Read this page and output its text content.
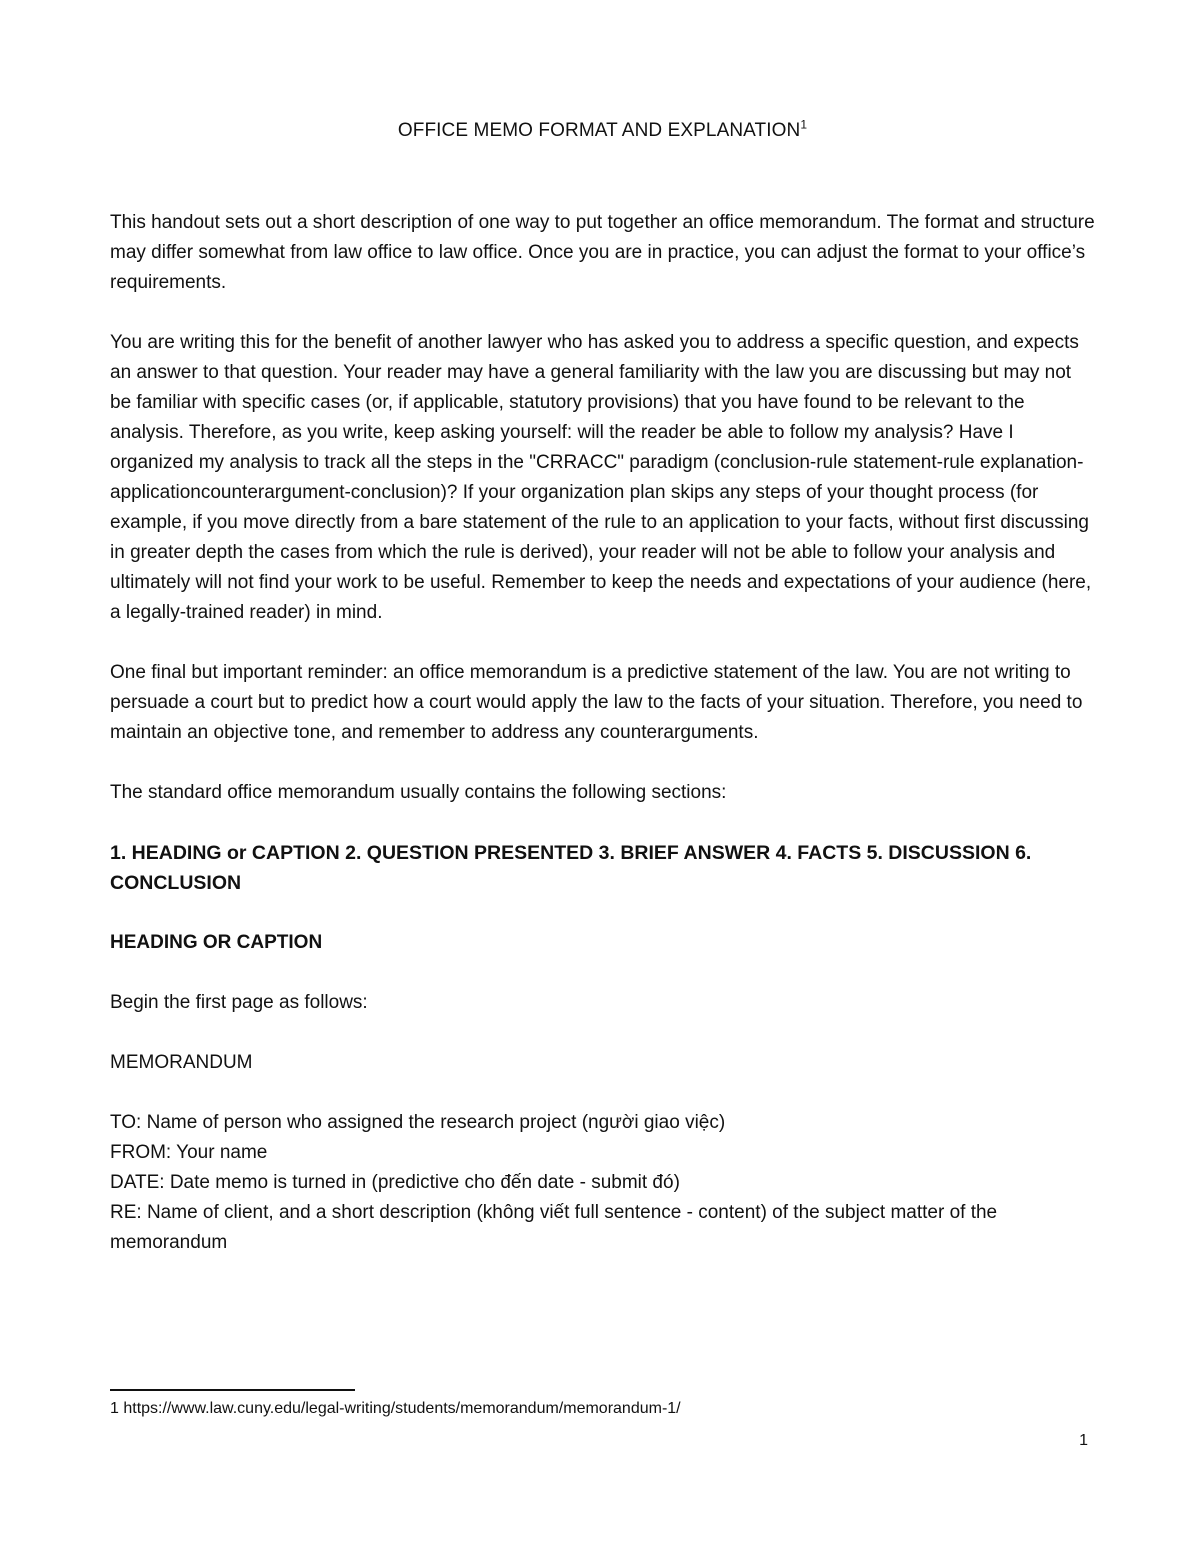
OFFICE MEMO FORMAT AND EXPLANATION$^1$

This handout sets out a short description of one way to put together an office memorandum. The format and structure may differ somewhat from law office to law office. Once you are in practice, you can adjust the format to your office’s requirements.

You are writing this for the benefit of another lawyer who has asked you to address a specific question, and expects an answer to that question. Your reader may have a general familiarity with the law you are discussing but may not be familiar with specific cases (or, if applicable, statutory provisions) that you have found to be relevant to the analysis. Therefore, as you write, keep asking yourself: will the reader be able to follow my analysis? Have I organized my analysis to track all the steps in the "CRRACC" paradigm (conclusion-rule statement-rule explanation-applicationcounterargument-conclusion)? If your organization plan skips any steps of your thought process (for example, if you move directly from a bare statement of the rule to an application to your facts, without first discussing in greater depth the cases from which the rule is derived), your reader will not be able to follow your analysis and ultimately will not find your work to be useful. Remember to keep the needs and expectations of your audience (here, a legally-trained reader) in mind.

One final but important reminder: an office memorandum is a predictive statement of the law. You are not writing to persuade a court but to predict how a court would apply the law to the facts of your situation. Therefore, you need to maintain an objective tone, and remember to address any counterarguments.

The standard office memorandum usually contains the following sections:

1. HEADING or CAPTION 2. QUESTION PRESENTED 3. BRIEF ANSWER 4. FACTS 5. DISCUSSION 6. CONCLUSION

HEADING OR CAPTION

Begin the first page as follows:

MEMORANDUM

TO: Name of person who assigned the research project (người giao việc)

FROM: Your name

DATE: Date memo is turned in (predictive cho đến date - submit đó)

RE: Name of client, and a short description (không viết full sentence - content) of the subject matter of the memorandum

1 https://www.law.cuny.edu/legal-writing/students/memorandum/memorandum-1/
1
